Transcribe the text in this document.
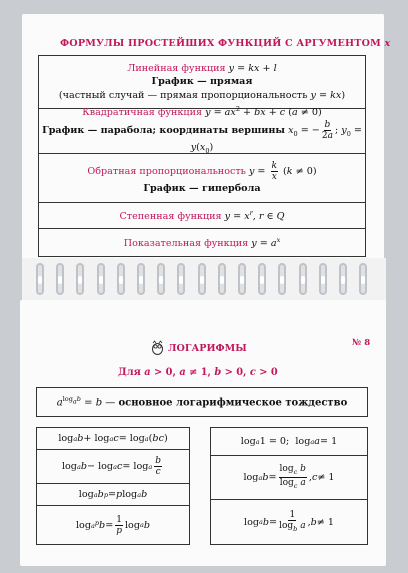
ФОРМУЛЫ ПРОСТЕЙШИХ ФУНКЦИЙ С АРГУМЕНТОМ x
Линейная функция y = kx + l
График — прямая
(частный случай — прямая пропорциональность y = kx)
Квадратичная функция $y = ax^2$ + bx + c (a ≠ 0)
График — парабола; координаты вершины $x_0$ = − $\frac{b}{2a}$ ; $y_0 = y(x_0)$
Обратная пропорциональность $y = \frac{k}{x} (k \ne 0)$
График — гипербола
Степенная функция $y = x^r$, r ∈ Q
Показательная функция $y = a^x$
ЛОГАРИФМЫ	№ 8
Для a > 0, a ≠ 1, b > 0, c > 0
$a^{log_ab} = b$ — основное логарифмическое тождество
log a b + log a c = log a ( bc )
log a b − log a c = log a $\frac{b}{c}$
log a b p = p log a b
$\log a^p$ $b = \frac{1}{p}$ log a b
log a 1 = 0;  log a a = 1
log a $b = \frac{\log_c b}{\log_c a}$ , c ≠ 1
log a $b = \frac{1}{\log_b a}$ , b ≠ 1
